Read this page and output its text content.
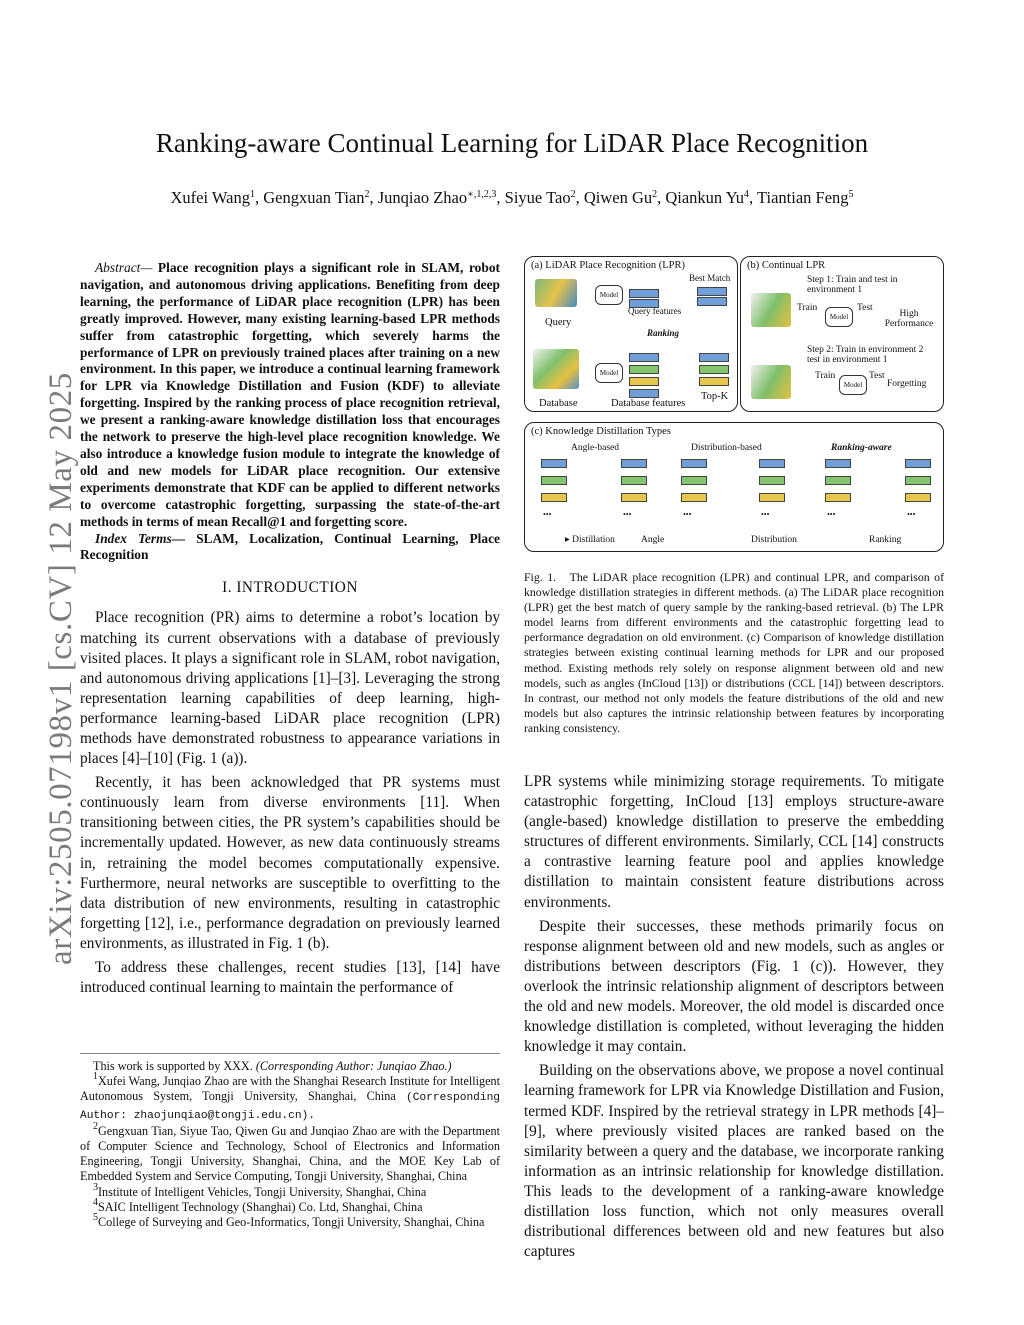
arXiv:2505.07198v1 [cs.CV] 12 May 2025
Ranking-aware Continual Learning for LiDAR Place Recognition
Xufei Wang$^1$, Gengxuan Tian$^2$, Junqiao Zhao$^{∗,1,2,3}$, Siyue Tao$^2$, Qiwen Gu$^2$, Qiankun Yu$^4$, Tiantian Feng$^5$

Abstract— Place recognition plays a significant role in SLAM, robot navigation, and autonomous driving applications. Benefiting from deep learning, the performance of LiDAR place recognition (LPR) has been greatly improved. However, many existing learning-based LPR methods suffer from catastrophic forgetting, which severely harms the performance of LPR on previously trained places after training on a new environment. In this paper, we introduce a continual learning framework for LPR via Knowledge Distillation and Fusion (KDF) to alleviate forgetting. Inspired by the ranking process of place recognition retrieval, we present a ranking-aware knowledge distillation loss that encourages the network to preserve the high-level place recognition knowledge. We also introduce a knowledge fusion module to integrate the knowledge of old and new models for LiDAR place recognition. Our extensive experiments demonstrate that KDF can be applied to different networks to overcome catastrophic forgetting, surpassing the state-of-the-art methods in terms of mean Recall@1 and forgetting score.

Index Terms— SLAM, Localization, Continual Learning, Place Recognition

I. INTRODUCTION

Place recognition (PR) aims to determine a robot’s location by matching its current observations with a database of previously visited places. It plays a significant role in SLAM, robot navigation, and autonomous driving applications [1]–[3]. Leveraging the strong representation learning capabilities of deep learning, high-performance learning-based LiDAR place recognition (LPR) methods have demonstrated robustness to appearance variations in places [4]–[10] (Fig. 1 (a)).

Recently, it has been acknowledged that PR systems must continuously learn from diverse environments [11]. When transitioning between cities, the PR system’s capabilities should be incrementally updated. However, as new data continuously streams in, retraining the model becomes computationally expensive. Furthermore, neural networks are susceptible to overfitting to the data distribution of new environments, resulting in catastrophic forgetting [12], i.e., performance degradation on previously learned environments, as illustrated in Fig. 1 (b).

To address these challenges, recent studies [13], [14] have introduced continual learning to maintain the performance of

This work is supported by XXX. (Corresponding Author: Junqiao Zhao.)

$^1$Xufei Wang, Junqiao Zhao are with the Shanghai Research Institute for Intelligent Autonomous System, Tongji University, Shanghai, China (Corresponding Author: zhaojunqiao@tongji.edu.cn).

$^2$Gengxuan Tian, Siyue Tao, Qiwen Gu and Junqiao Zhao are with the Department of Computer Science and Technology, School of Electronics and Information Engineering, Tongji University, Shanghai, China, and the MOE Key Lab of Embedded System and Service Computing, Tongji University, Shanghai, China

$^3$Institute of Intelligent Vehicles, Tongji University, Shanghai, China

$^4$SAIC Intelligent Technology (Shanghai) Co. Ltd, Shanghai, China

$^5$College of Surveying and Geo-Informatics, Tongji University, Shanghai, China

(a) LiDAR Place Recognition (LPR)
Query
Model
Query features
Best Match
Ranking
Database
Model
Database features
Top-K
(b) Continual LPR
Step 1: Train and test in environment 1
Train
Model
Test
High Performance
Step 2: Train in environment 2 test in environment 1
Train
Model
Test
Forgetting
(c) Knowledge Distillation Types
Angle-based	Distribution-based	Ranking-aware
•••	•••	•••	•••	•••	•••
▸ Distillation	Angle	Distribution	Ranking
Fig. 1. The LiDAR place recognition (LPR) and continual LPR, and comparison of knowledge distillation strategies in different methods. (a) The LiDAR place recognition (LPR) get the best match of query sample by the ranking-based retrieval. (b) The LPR model learns from different environments and the catastrophic forgetting lead to performance degradation on old environment. (c) Comparison of knowledge distillation strategies between existing continual learning methods for LPR and our proposed method. Existing methods rely solely on response alignment between old and new models, such as angles (InCloud [13]) or distributions (CCL [14]) between descriptors. In contrast, our method not only models the feature distributions of the old and new models but also captures the intrinsic relationship between features by incorporating ranking consistency.

LPR systems while minimizing storage requirements. To mitigate catastrophic forgetting, InCloud [13] employs structure-aware (angle-based) knowledge distillation to preserve the embedding structures of different environments. Similarly, CCL [14] constructs a contrastive learning feature pool and applies knowledge distillation to maintain consistent feature distributions across environments.

Despite their successes, these methods primarily focus on response alignment between old and new models, such as angles or distributions between descriptors (Fig. 1 (c)). However, they overlook the intrinsic relationship alignment of descriptors between the old and new models. Moreover, the old model is discarded once knowledge distillation is completed, without leveraging the hidden knowledge it may contain.

Building on the observations above, we propose a novel continual learning framework for LPR via Knowledge Distillation and Fusion, termed KDF. Inspired by the retrieval strategy in LPR methods [4]–[9], where previously visited places are ranked based on the similarity between a query and the database, we incorporate ranking information as an intrinsic relationship for knowledge distillation. This leads to the development of a ranking-aware knowledge distillation loss function, which not only measures overall distributional differences between old and new features but also captures
